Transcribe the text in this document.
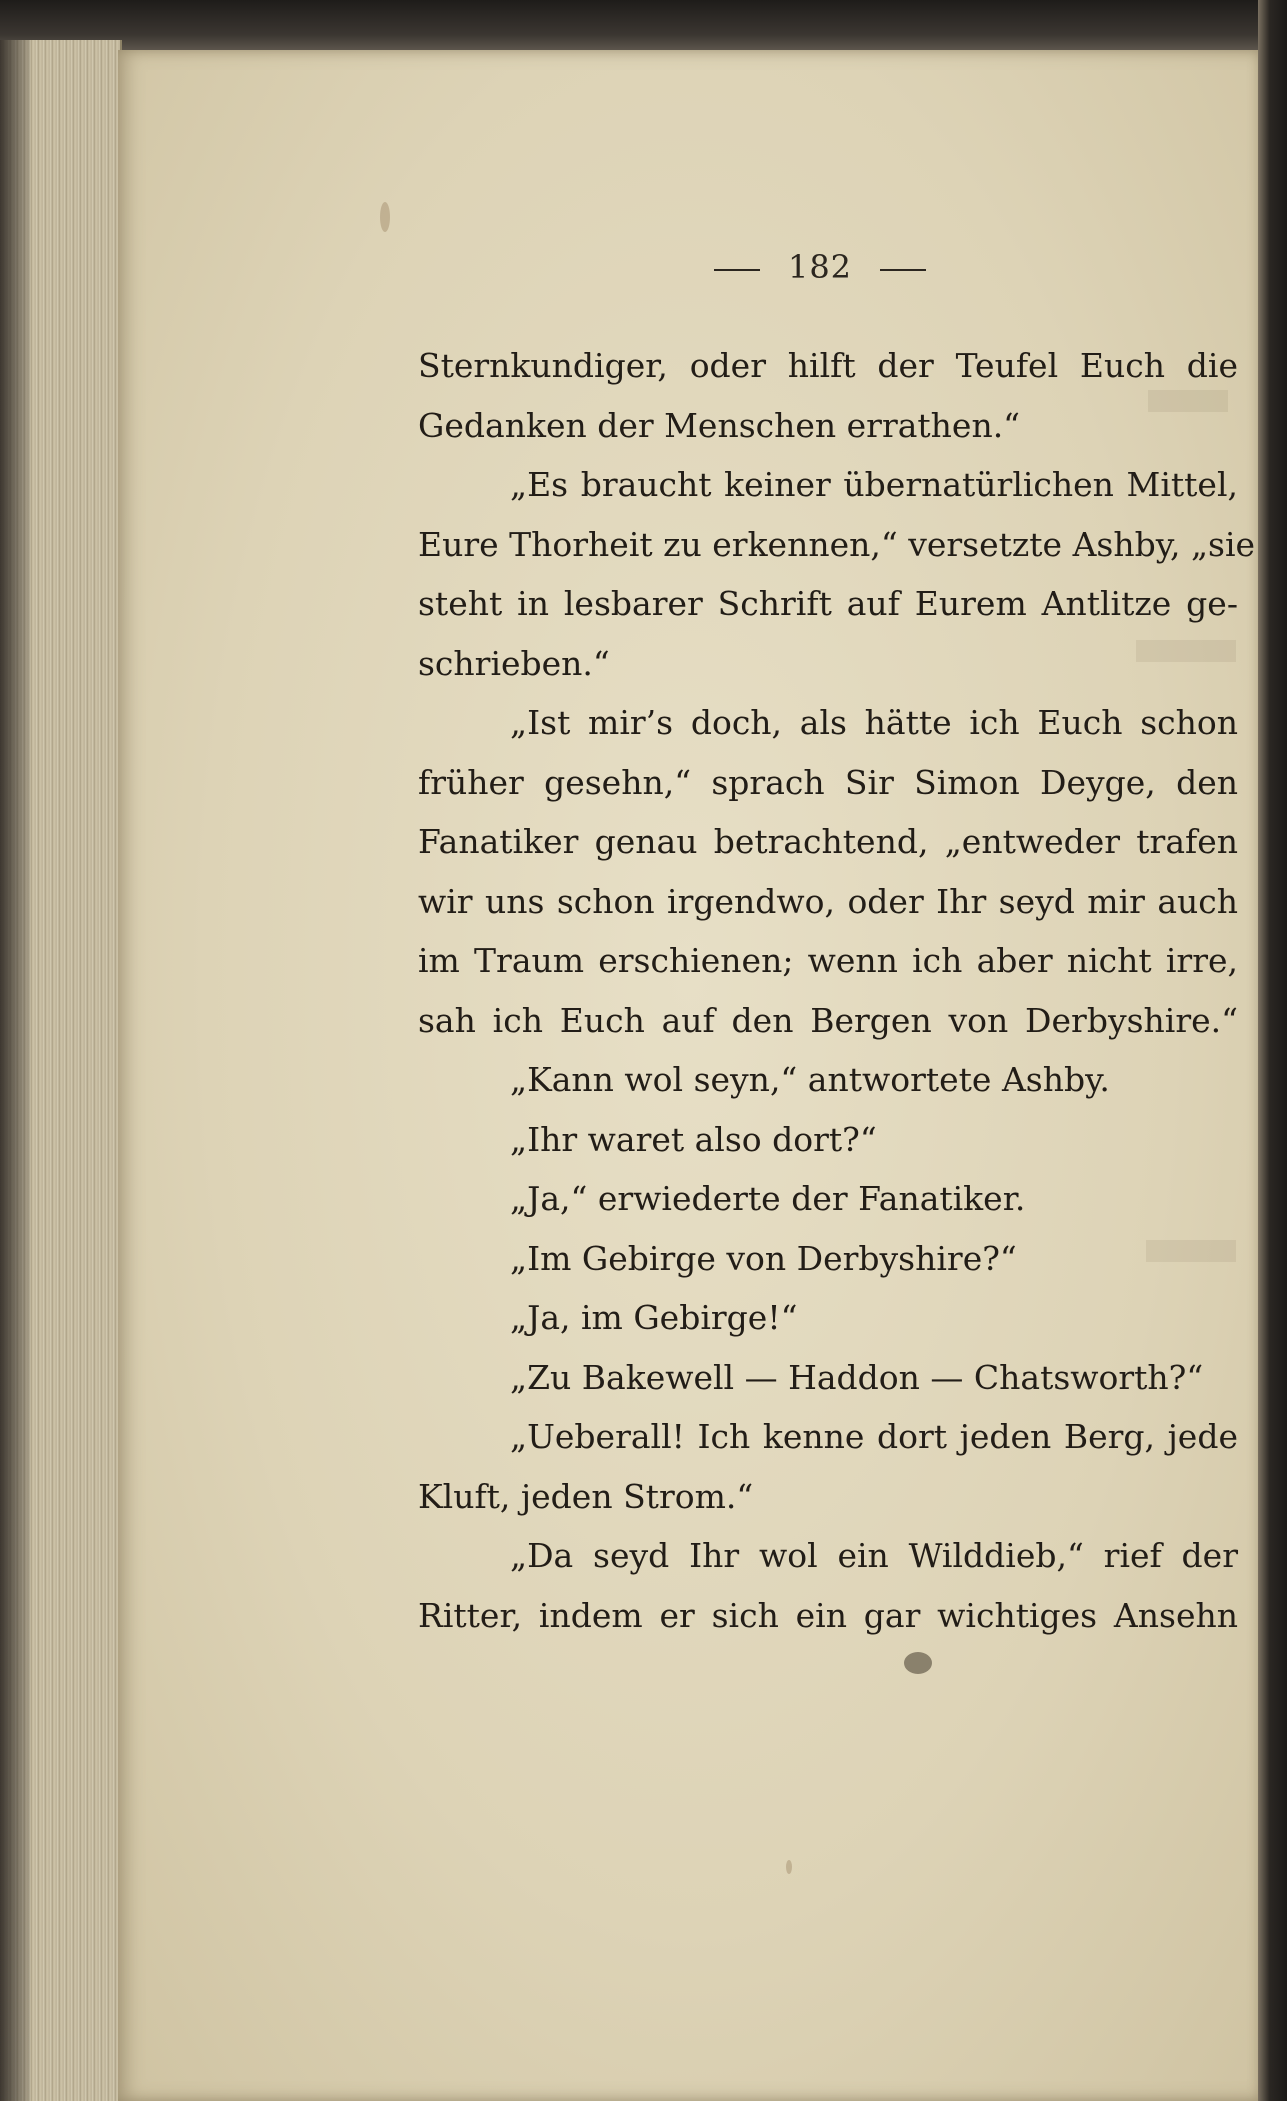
182
Sternkundiger, oder hilft der Teufel Euch die
Gedanken der Menschen errathen.“
„Es braucht keiner übernatürlichen Mittel,
Eure Thorheit zu erkennen,“ versetzte Ashby, „sie
steht in lesbarer Schrift auf Eurem Antlitze ge-
schrieben.“
„Ist mir’s doch, als hätte ich Euch schon
früher gesehn,“ sprach Sir Simon Deyge, den
Fanatiker genau betrachtend, „entweder trafen
wir uns schon irgendwo, oder Ihr seyd mir auch
im Traum erschienen; wenn ich aber nicht irre,
sah ich Euch auf den Bergen von Derbyshire.“
„Kann wol seyn,“ antwortete Ashby.
„Ihr waret also dort?“
„Ja,“ erwiederte der Fanatiker.
„Im Gebirge von Derbyshire?“
„Ja, im Gebirge!“
„Zu Bakewell — Haddon — Chatsworth?“
„Ueberall! Ich kenne dort jeden Berg, jede
Kluft, jeden Strom.“
„Da seyd Ihr wol ein Wilddieb,“ rief der
Ritter, indem er sich ein gar wichtiges Ansehn
